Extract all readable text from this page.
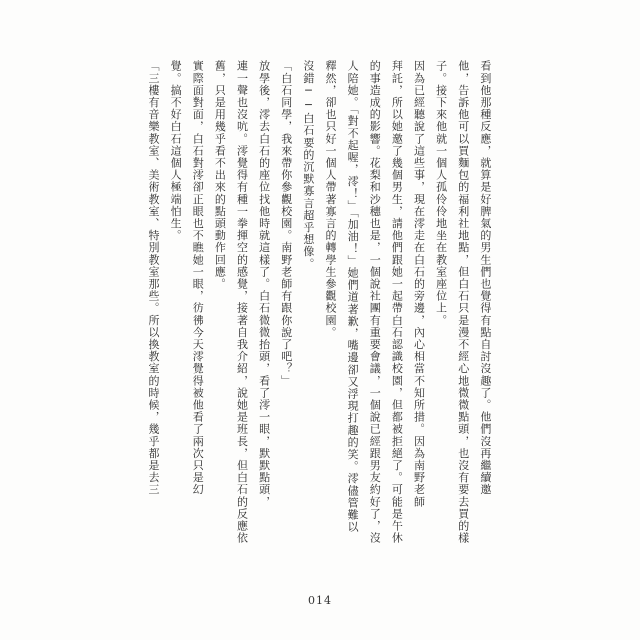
看到他那種反應，就算是好脾氣的男生們也覺得有點自討沒趣了。他們沒再繼續邀
他，告訴他可以買麵包的福利社地點，但白石只是漫不經心地微微點頭，也沒有要去買的樣
子。接下來他就一個人孤伶伶地坐在教室座位上。
因為已經聽說了這些事，現在澪走在白石的旁邊，內心相當不知所措。因為南野老師
拜託，所以她邀了幾個男生，請他們跟她一起帶白石認識校園，但都被拒絕了。可能是午休
的事造成的影響。花梨和沙穗也是，一個說社團有重要會議，一個說已經跟男友約好了，沒
人陪她。「對不起喔，澪！」「加油！」她們道著歉，嘴邊卻又浮現打趣的笑。澪儘管難以
釋然，卻也只好一個人帶著寡言的轉學生參觀校園。
沒錯──白石要的沉默寡言超乎想像。
「白石同學，我來帶你參觀校園。南野老師有跟你說了吧？」
放學後，澪去白石的座位找他時就這樣了。白石微微抬頭，看了澪一眼，默默點頭，
連一聲也沒吭。澪覺得有種一拳揮空的感覺，接著自我介紹，說她是班長，但白石的反應依
舊，只是用幾乎看不出來的點頭動作回應。
實際面對面，白石對澪卻正眼也不瞧她一眼，彷彿今天澪覺得被他看了兩次只是幻
覺。搞不好白石這個人極端怕生。
「三樓有音樂教室、美術教室、特別教室那些。所以換教室的時候，幾乎都是去三
014
